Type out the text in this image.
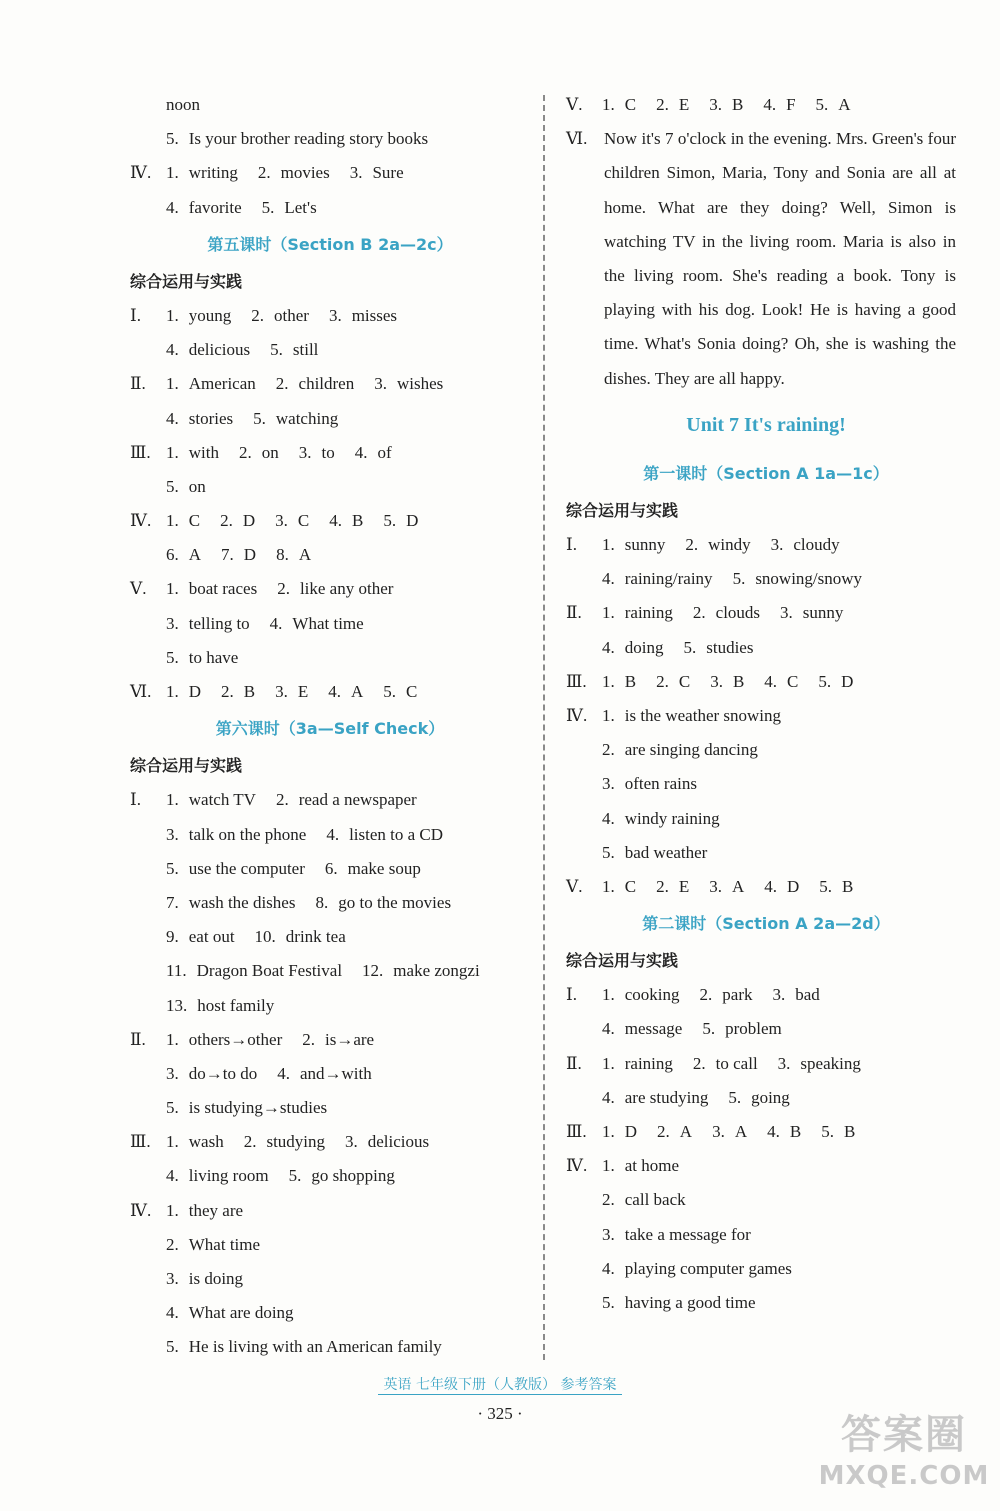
noon
5. Is your brother reading story books
Ⅳ. 1. writing 2. movies 3. Sure
4. favorite 5. Let's
第五课时（Section B 2a—2c）
综合运用与实践
Ⅰ. 1. young 2. other 3. misses
4. delicious 5. still
Ⅱ. 1. American 2. children 3. wishes
4. stories 5. watching
Ⅲ. 1. with 2. on 3. to 4. of
5. on
Ⅳ. 1. C 2. D 3. C 4. B 5. D
6. A 7. D 8. A
Ⅴ. 1. boat races 2. like any other
3. telling to 4. What time
5. to have
Ⅵ. 1. D 2. B 3. E 4. A 5. C
第六课时（3a—Self Check）
综合运用与实践
Ⅰ. 1. watch TV 2. read a newspaper
3. talk on the phone 4. listen to a CD
5. use the computer 6. make soup
7. wash the dishes 8. go to the movies
9. eat out 10. drink tea
11. Dragon Boat Festival 12. make zongzi
13. host family
Ⅱ. 1. others→other 2. is→are
3. do→to do 4. and→with
5. is studying→studies
Ⅲ. 1. wash 2. studying 3. delicious
4. living room 5. go shopping
Ⅳ. 1. they are
2. What time
3. is doing
4. What are doing
5. He is living with an American family
Ⅴ. 1. C 2. E 3. B 4. F 5. A
Ⅵ. Now it's 7 o'clock in the evening. Mrs. Green's four children Simon, Maria, Tony and Sonia are all at home. What are they doing? Well, Simon is watching TV in the living room. Maria is also in the living room. She's reading a book. Tony is playing with his dog. Look! He is having a good time. What's Sonia doing? Oh, she is washing the dishes. They are all happy.
Unit 7 It's raining!
第一课时（Section A 1a—1c）
综合运用与实践
Ⅰ. 1. sunny 2. windy 3. cloudy
4. raining/rainy 5. snowing/snowy
Ⅱ. 1. raining 2. clouds 3. sunny
4. doing 5. studies
Ⅲ. 1. B 2. C 3. B 4. C 5. D
Ⅳ. 1. is the weather snowing
2. are singing dancing
3. often rains
4. windy raining
5. bad weather
Ⅴ. 1. C 2. E 3. A 4. D 5. B
第二课时（Section A 2a—2d）
综合运用与实践
Ⅰ. 1. cooking 2. park 3. bad
4. message 5. problem
Ⅱ. 1. raining 2. to call 3. speaking
4. are studying 5. going
Ⅲ. 1. D 2. A 3. A 4. B 5. B
Ⅳ. 1. at home
2. call back
3. take a message for
4. playing computer games
5. having a good time
英语 七年级下册（人教版） 参考答案
· 325 ·	答案圈
MXQE.COM
